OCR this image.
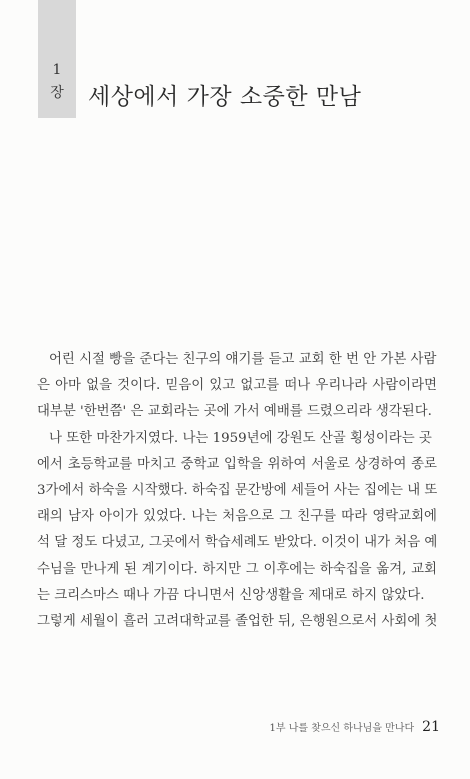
1
장	세상에서 가장 소중한 만남
어린 시절 빵을 준다는 친구의 얘기를 듣고 교회 한 번 안 가본 사람
은 아마 없을 것이다. 믿음이 있고 없고를 떠나 우리나라 사람이라면
대부분 '한번쯤' 은 교회라는 곳에 가서 예배를 드렸으리라 생각된다.
나 또한 마찬가지였다. 나는 1959년에 강원도 산골 횡성이라는 곳
에서 초등학교를 마치고 중학교 입학을 위하여 서울로 상경하여 종로
3가에서 하숙을 시작했다. 하숙집 문간방에 세들어 사는 집에는 내 또
래의 남자 아이가 있었다. 나는 처음으로 그 친구를 따라 영락교회에
석 달 정도 다녔고, 그곳에서 학습세례도 받았다. 이것이 내가 처음 예
수님을 만나게 된 계기이다. 하지만 그 이후에는 하숙집을 옮겨, 교회
는 크리스마스 때나 가끔 다니면서 신앙생활을 제대로 하지 않았다.
그렇게 세월이 흘러 고려대학교를 졸업한 뒤, 은행원으로서 사회에 첫
1부 나를 찾으신 하나님을 만나다 21
